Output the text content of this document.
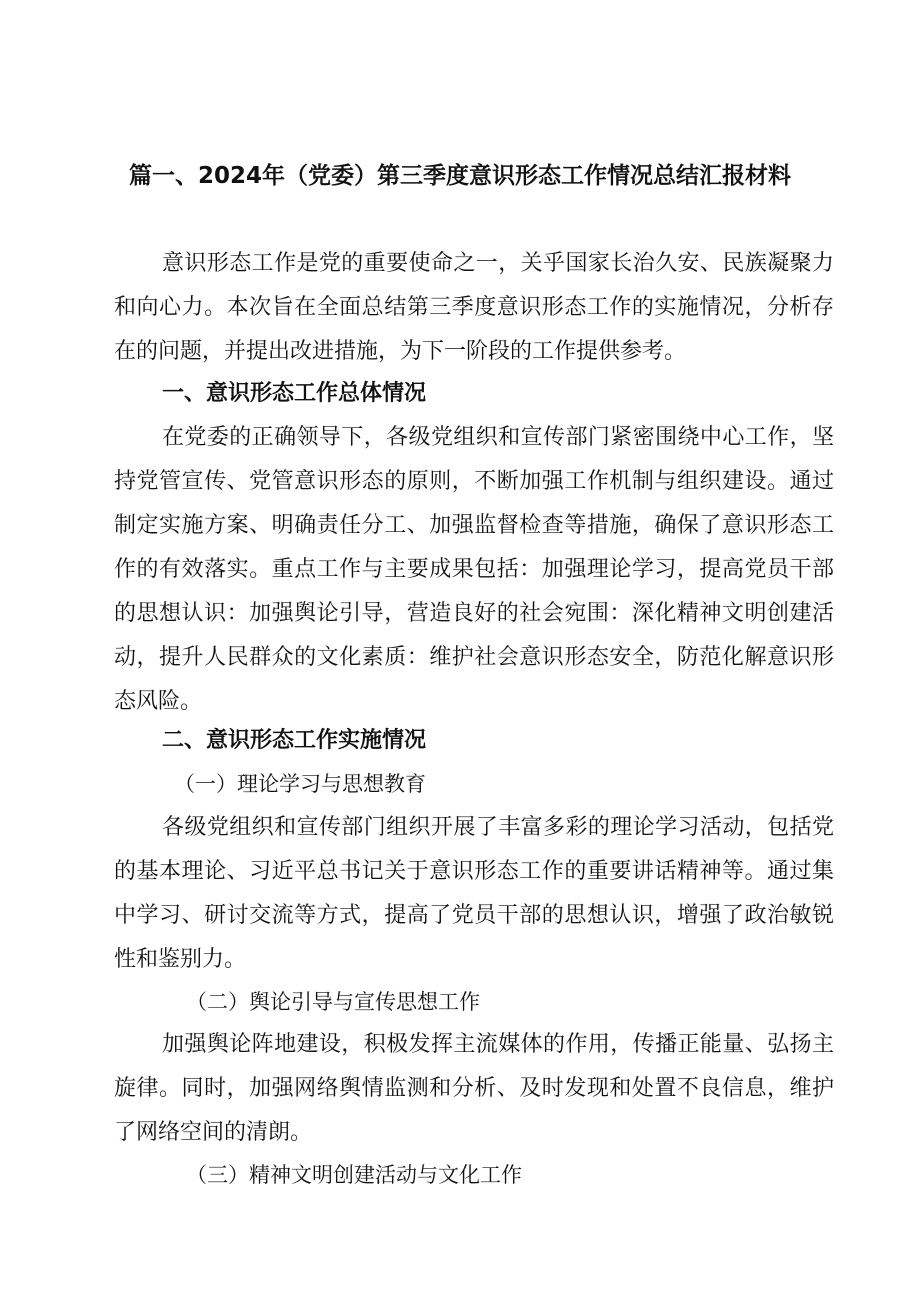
篇一、2024年（党委）第三季度意识形态工作情况总结汇报材料

意识形态工作是党的重要使命之一，关乎国家长治久安、民族凝聚力和向心力。本次旨在全面总结第三季度意识形态工作的实施情况，分析存在的问题，并提出改进措施，为下一阶段的工作提供参考。

一、意识形态工作总体情况

在党委的正确领导下，各级党组织和宣传部门紧密围绕中心工作，坚持党管宣传、党管意识形态的原则，不断加强工作机制与组织建设。通过制定实施方案、明确责任分工、加强监督检查等措施，确保了意识形态工作的有效落实。重点工作与主要成果包括：加强理论学习，提高党员干部的思想认识：加强舆论引导，营造良好的社会宛围：深化精神文明创建活动，提升人民群众的文化素质：维护社会意识形态安全，防范化解意识形态风险。

二、意识形态工作实施情况

（一）理论学习与思想教育

各级党组织和宣传部门组织开展了丰富多彩的理论学习活动，包括党的基本理论、习近平总书记关于意识形态工作的重要讲话精神等。通过集中学习、研讨交流等方式，提高了党员干部的思想认识，增强了政治敏锐性和鉴别力。

（二）舆论引导与宣传思想工作

加强舆论阵地建设，积极发挥主流媒体的作用，传播正能量、弘扬主旋律。同时，加强网络舆情监测和分析、及时发现和处置不良信息，维护了网络空间的清朗。

（三）精神文明创建活动与文化工作
